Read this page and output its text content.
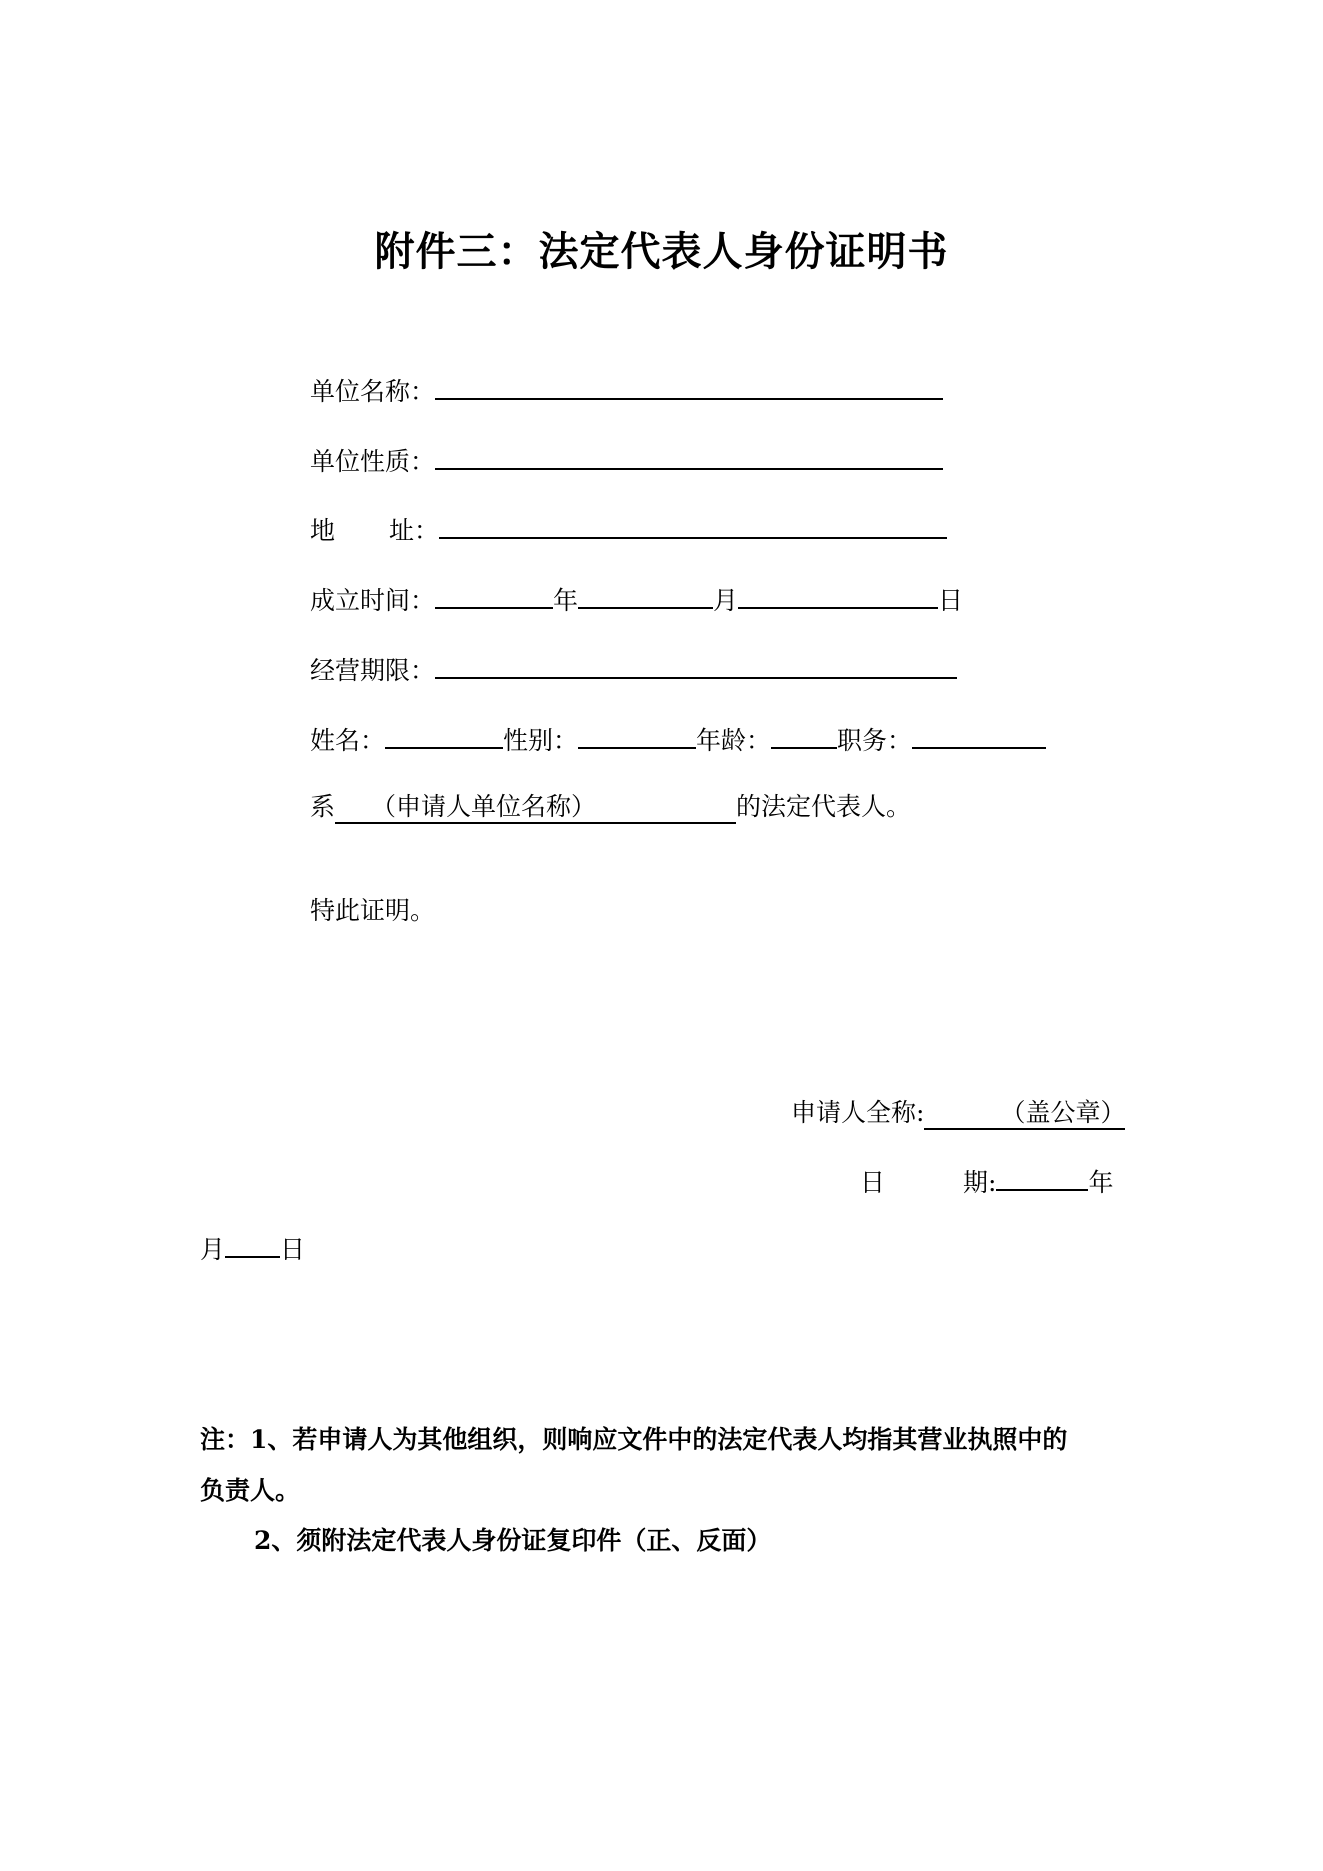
附件三：法定代表人身份证明书
单位名称：
单位性质：
地 址：
成立时间：	年	月	日
经营期限：
姓名：	性别：	年龄：	职务：
系 （申请人单位名称）	的法定代表人。
特此证明。
申请人全称:	（盖公章）
日	期:	年
月 日
注：1、若申请人为其他组织，则响应文件中的法定代表人均指其营业执照中的
负责人。
2、须附法定代表人身份证复印件（正、反面）
